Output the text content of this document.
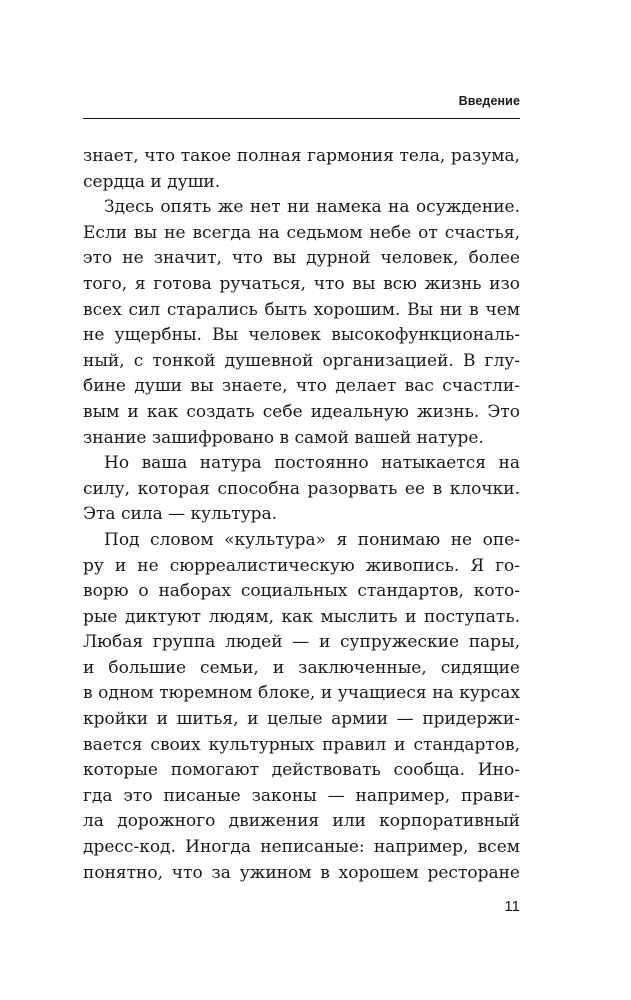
Введение
знает, что такое полная гармония тела, разума,
сердца и души.
Здесь опять же нет ни намека на осуждение.
Если вы не всегда на седьмом небе от счастья,
это не значит, что вы дурной человек, более
того, я готова ручаться, что вы всю жизнь изо
всех сил старались быть хорошим. Вы ни в чем
не ущербны. Вы человек высокофункциональ-
ный, с тонкой душевной организацией. В глу-
бине души вы знаете, что делает вас счастли-
вым и как создать себе идеальную жизнь. Это
знание зашифровано в самой вашей натуре.
Но ваша натура постоянно натыкается на
силу, которая способна разорвать ее в клочки.
Эта сила — культура.
Под словом «культура» я понимаю не опе-
ру и не сюрреалистическую живопись. Я го-
ворю о наборах социальных стандартов, кото-
рые диктуют людям, как мыслить и поступать.
Любая группа людей — и супружеские пары,
и большие семьи, и заключенные, сидящие
в одном тюремном блоке, и учащиеся на курсах
кройки и шитья, и целые армии — придержи-
вается своих культурных правил и стандартов,
которые помогают действовать сообща. Ино-
гда это писаные законы — например, прави-
ла дорожного движения или корпоративный
дресс-код. Иногда неписаные: например, всем
понятно, что за ужином в хорошем ресторане
11
